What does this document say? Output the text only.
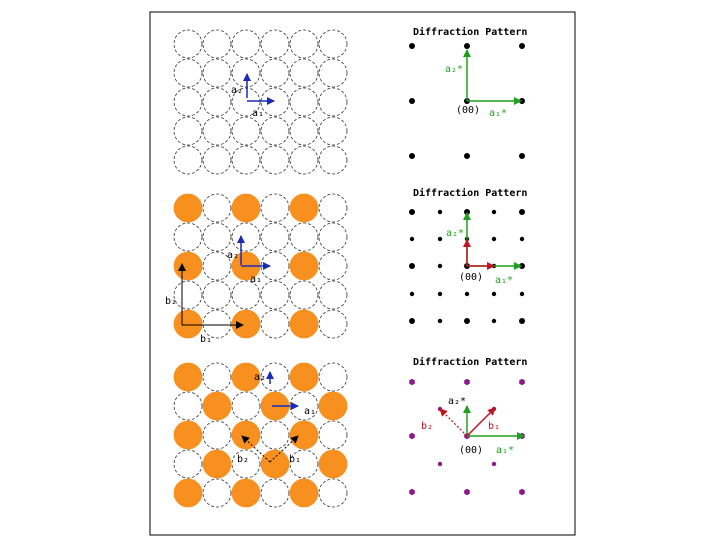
a₂
a₁
Diffraction Pattern
a₂*
a₁*
(00)
a₂
a₁
b₂
b₁
Diffraction Pattern
a₂*
a₁*
(00)
a₂
a₁
b₂	b₁
Diffraction Pattern
a₂*
a₁*
b₂	b₁
(00)
